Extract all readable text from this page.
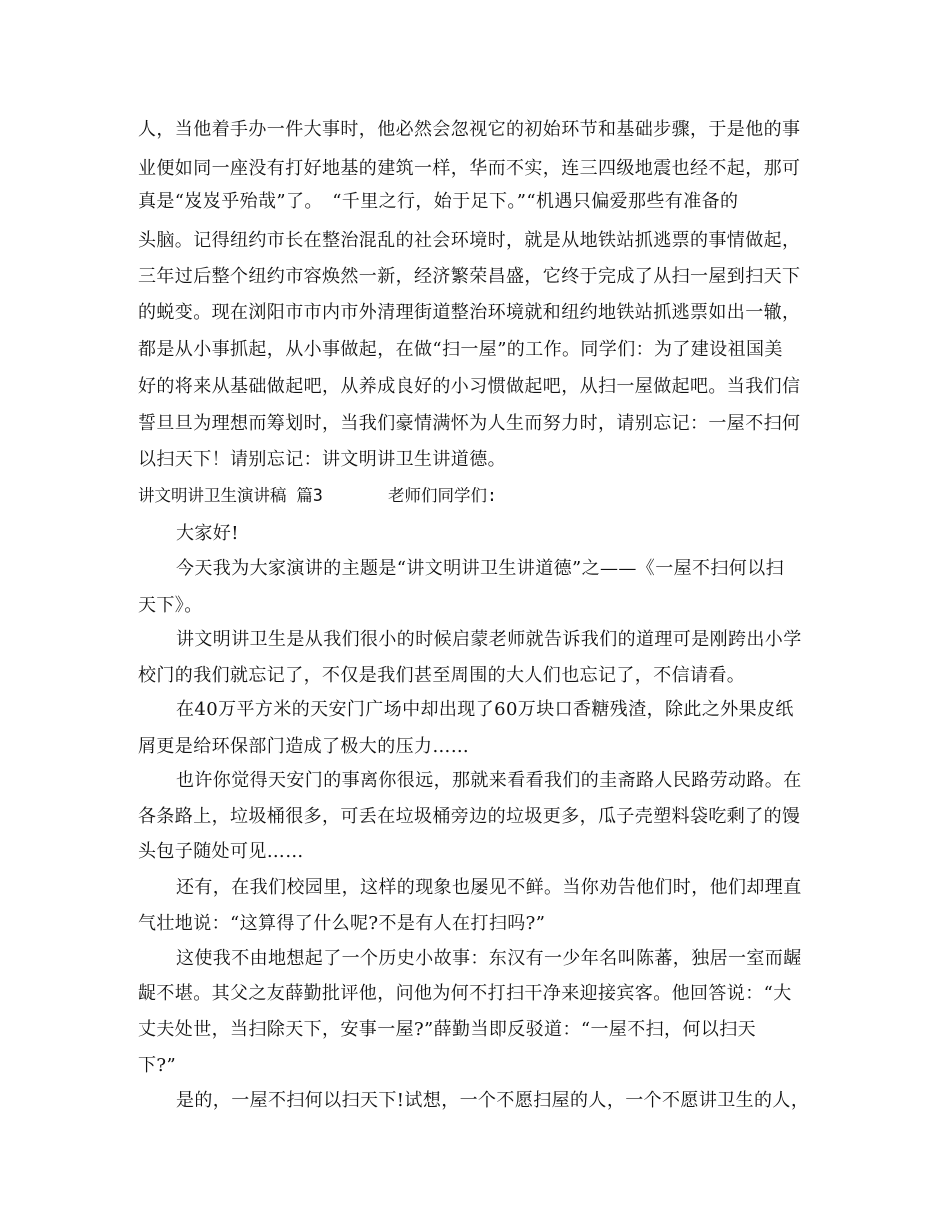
人，当他着手办一件大事时，他必然会忽视它的初始环节和基础步骤，于是他的事
业便如同一座没有打好地基的建筑一样，华而不实，连三四级地震也经不起，那可
真是“岌岌乎殆哉”了。　“千里之行，始于足下。”“机遇只偏爱那些有准备的
头脑。记得纽约市长在整治混乱的社会环境时，就是从地铁站抓逃票的事情做起，
三年过后整个纽约市容焕然一新，经济繁荣昌盛，它终于完成了从扫一屋到扫天下
的蜕变。现在浏阳市市内市外清理街道整治环境就和纽约地铁站抓逃票如出一辙，
都是从小事抓起，从小事做起，在做“扫一屋”的工作。同学们：为了建设祖国美
好的将来从基础做起吧，从养成良好的小习惯做起吧，从扫一屋做起吧。当我们信
誓旦旦为理想而筹划时，当我们豪情满怀为人生而努力时，请别忘记：一屋不扫何
以扫天下！请别忘记：讲文明讲卫生讲道德。
讲文明讲卫生演讲稿 篇3	老师们同学们:
大家好!
今天我为大家演讲的主题是“讲文明讲卫生讲道德”之——《一屋不扫何以扫
天下》。
讲文明讲卫生是从我们很小的时候启蒙老师就告诉我们的道理可是刚跨出小学
校门的我们就忘记了，不仅是我们甚至周围的大人们也忘记了，不信请看。
在40万平方米的天安门广场中却出现了60万块口香糖残渣，除此之外果皮纸
屑更是给环保部门造成了极大的压力……
也许你觉得天安门的事离你很远，那就来看看我们的圭斋路人民路劳动路。在
各条路上，垃圾桶很多，可丢在垃圾桶旁边的垃圾更多，瓜子壳塑料袋吃剩了的馒
头包子随处可见……
还有，在我们校园里，这样的现象也屡见不鲜。当你劝告他们时，他们却理直
气壮地说：“这算得了什么呢?不是有人在打扫吗?”
这使我不由地想起了一个历史小故事：东汉有一少年名叫陈蕃，独居一室而龌
龊不堪。其父之友薛勤批评他，问他为何不打扫干净来迎接宾客。他回答说：“大
丈夫处世，当扫除天下，安事一屋?”薛勤当即反驳道：“一屋不扫，何以扫天
下?”
是的，一屋不扫何以扫天下!试想，一个不愿扫屋的人，一个不愿讲卫生的人，
